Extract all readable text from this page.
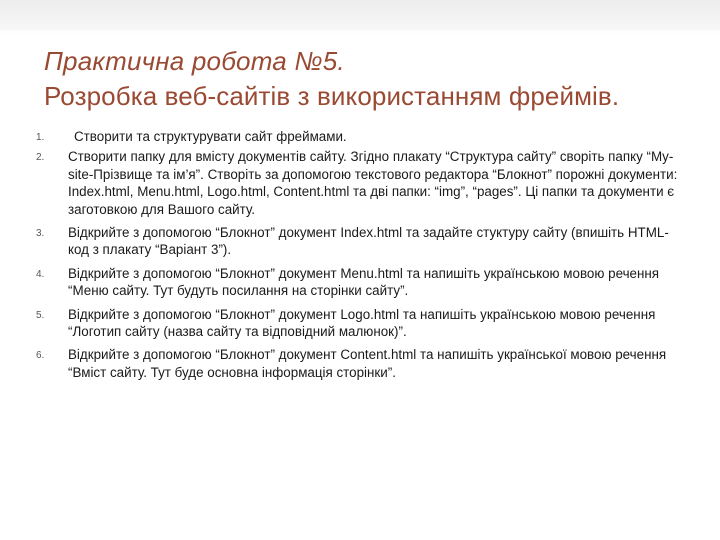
Практична робота №5.
Розробка веб-сайтів з використанням фреймів.
1.	Створити та структурувати сайт фреймами.
2. Створити папку для вмісту документів сайту. Згідно плакату “Структура сайту” своріть папку “My-site-Прізвище та ім’я”. Створіть за допомогою текстового редактора “Блокнот” порожні документи: Index.html, Menu.html, Logo.html, Content.html та дві папки: “img”, “pages”. Ці папки та документи є заготовкою для Вашого сайту.
3. Відкрийте з допомогою “Блокнот” документ Index.html та задайте стуктуру сайту (впишіть HTML-код з плакату “Варіант 3”).
4. Відкрийте з допомогою “Блокнот” документ Menu.html та напишіть українською мовою речення “Меню сайту. Тут будуть посилання на сторінки сайту”.
5. Відкрийте з допомогою “Блокнот” документ Logo.html та напишіть українською мовою речення “Логотип сайту (назва сайту та відповідний малюнок)”.
6. Відкрийте з допомогою “Блокнот” документ Content.html та напишіть української мовою речення “Вміст сайту. Тут буде основна інформація сторінки”.
